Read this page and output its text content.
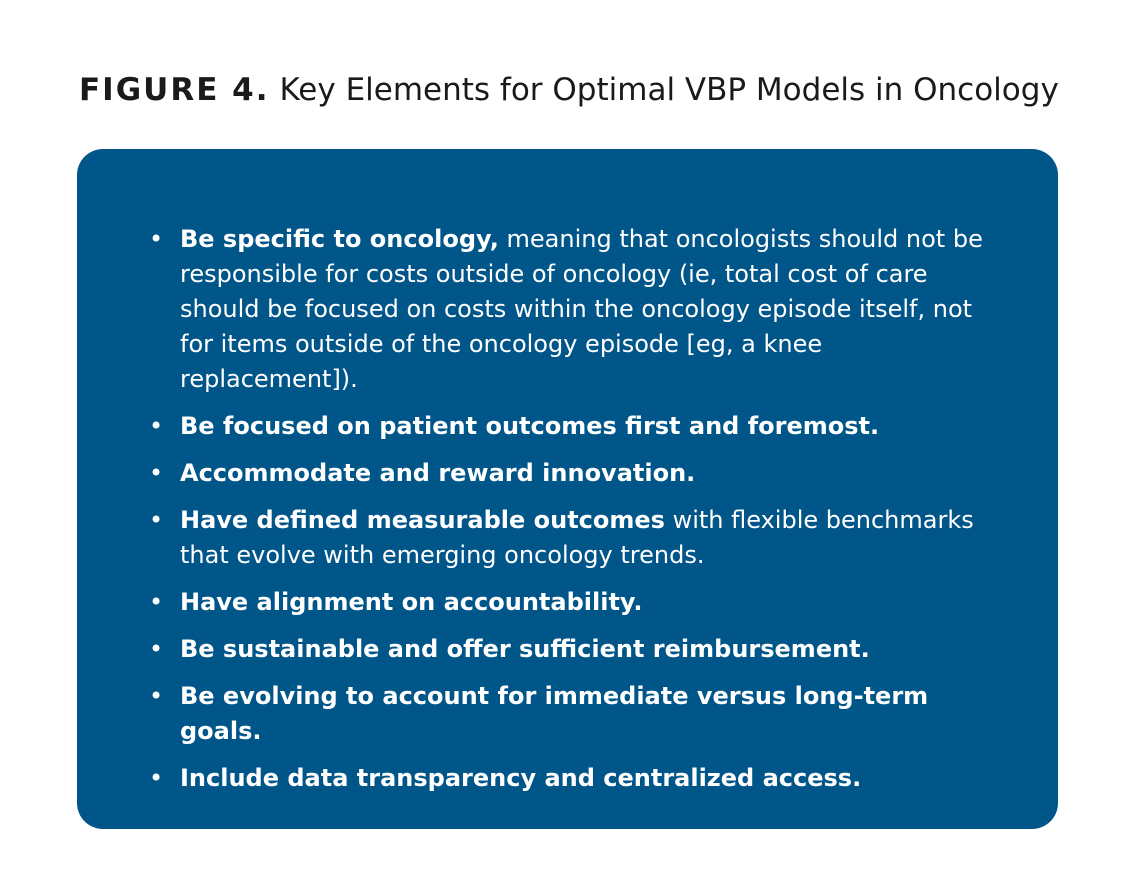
FIGURE 4. Key Elements for Optimal VBP Models in Oncology
• Be specific to oncology, meaning that oncologists should not be responsible for costs outside of oncology (ie, total cost of care should be focused on costs within the oncology episode itself, not for items outside of the oncology episode [eg, a knee replacement]).
• Be focused on patient outcomes first and foremost.
• Accommodate and reward innovation.
• Have defined measurable outcomes with flexible benchmarks that evolve with emerging oncology trends.
• Have alignment on accountability.
• Be sustainable and offer sufficient reimbursement.
• Be evolving to account for immediate versus long-term goals.
• Include data transparency and centralized access.
